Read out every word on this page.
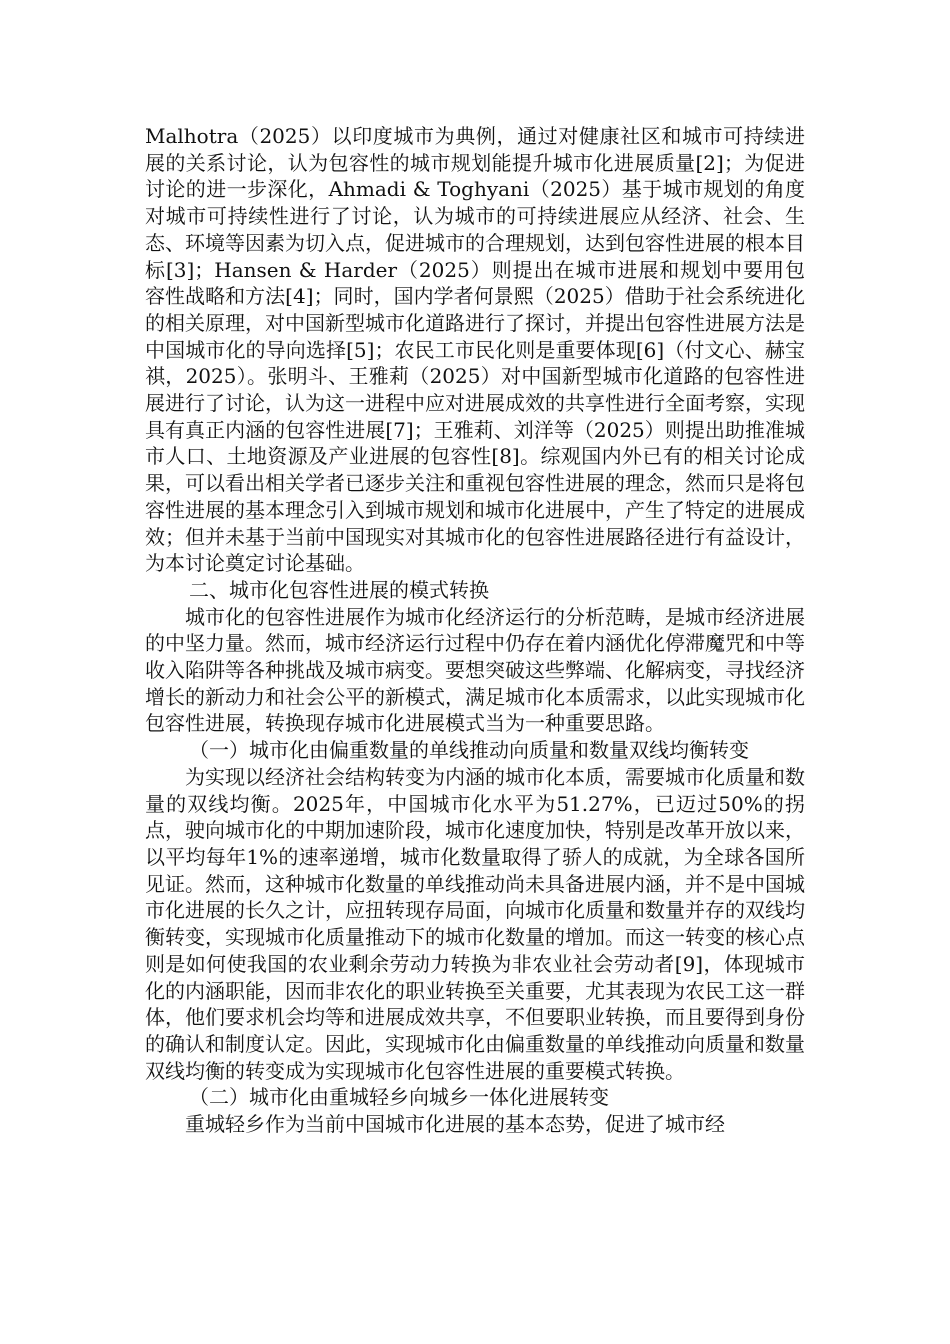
Malhotra（2025）以印度城市为典例，通过对健康社区和城市可持续进展的关系讨论，认为包容性的城市规划能提升城市化进展质量[2]；为促进讨论的进一步深化，Ahmadi & Toghyani（2025）基于城市规划的角度对城市可持续性进行了讨论，认为城市的可持续进展应从经济、社会、生态、环境等因素为切入点，促进城市的合理规划，达到包容性进展的根本目标[3]；Hansen & Harder（2025）则提出在城市进展和规划中要用包容性战略和方法[4]；同时，国内学者何景熙（2025）借助于社会系统进化的相关原理，对中国新型城市化道路进行了探讨，并提出包容性进展方法是中国城市化的导向选择[5]；农民工市民化则是重要体现[6]（付文心、赫宝祺，2025）。张明斗、王雅莉（2025）对中国新型城市化道路的包容性进展进行了讨论，认为这一进程中应对进展成效的共享性进行全面考察，实现具有真正内涵的包容性进展[7]；王雅莉、刘洋等（2025）则提出助推准城市人口、土地资源及产业进展的包容性[8]。综观国内外已有的相关讨论成果，可以看出相关学者已逐步关注和重视包容性进展的理念，然而只是将包容性进展的基本理念引入到城市规划和城市化进展中，产生了特定的进展成效；但并未基于当前中国现实对其城市化的包容性进展路径进行有益设计，为本讨论奠定讨论基础。

二、城市化包容性进展的模式转换

城市化的包容性进展作为城市化经济运行的分析范畴，是城市经济进展的中坚力量。然而，城市经济运行过程中仍存在着内涵优化停滞魔咒和中等收入陷阱等各种挑战及城市病变。要想突破这些弊端、化解病变，寻找经济增长的新动力和社会公平的新模式，满足城市化本质需求，以此实现城市化包容性进展，转换现存城市化进展模式当为一种重要思路。

（一）城市化由偏重数量的单线推动向质量和数量双线均衡转变

为实现以经济社会结构转变为内涵的城市化本质，需要城市化质量和数量的双线均衡。2025年，中国城市化水平为51.27%，已迈过50%的拐点，驶向城市化的中期加速阶段，城市化速度加快，特别是改革开放以来，以平均每年1%的速率递增，城市化数量取得了骄人的成就，为全球各国所见证。然而，这种城市化数量的单线推动尚未具备进展内涵，并不是中国城市化进展的长久之计，应扭转现存局面，向城市化质量和数量并存的双线均衡转变，实现城市化质量推动下的城市化数量的增加。而这一转变的核心点则是如何使我国的农业剩余劳动力转换为非农业社会劳动者[9]，体现城市化的内涵职能，因而非农化的职业转换至关重要，尤其表现为农民工这一群体，他们要求机会均等和进展成效共享，不但要职业转换，而且要得到身份的确认和制度认定。因此，实现城市化由偏重数量的单线推动向质量和数量双线均衡的转变成为实现城市化包容性进展的重要模式转换。

（二）城市化由重城轻乡向城乡一体化进展转变

重城轻乡作为当前中国城市化进展的基本态势，促进了城市经
